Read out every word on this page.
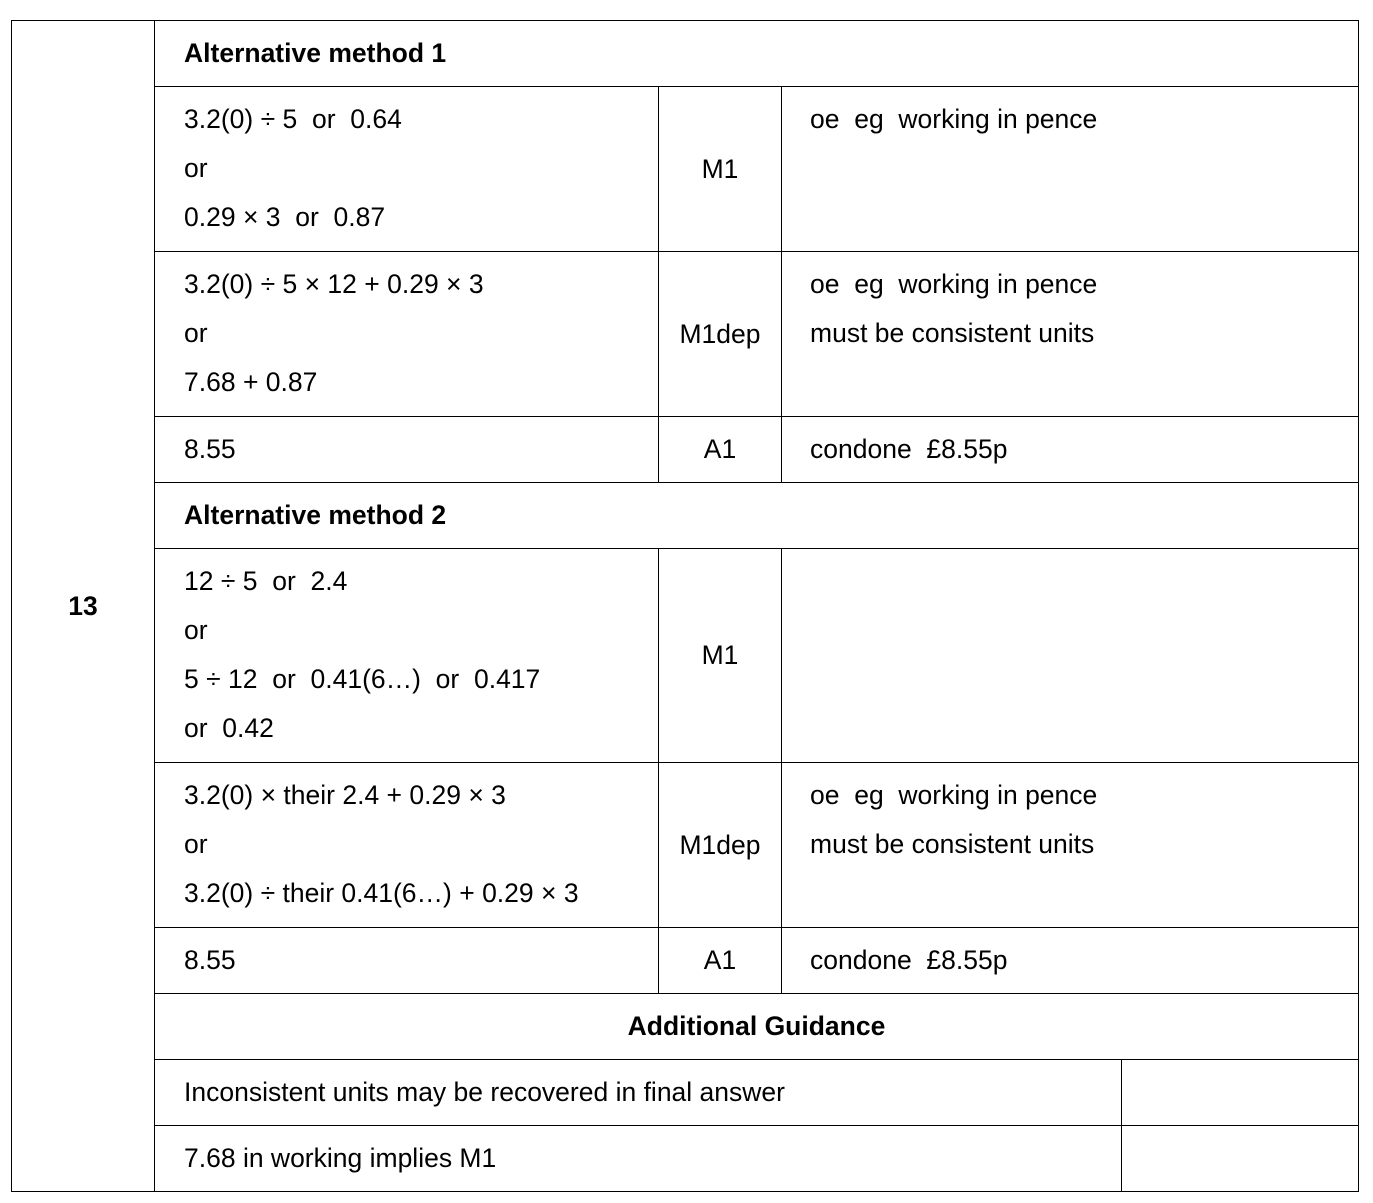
13	Alternative method 1			

	3.2(0) ÷ 5  or  0.64
or
0.29 × 3  or  0.87	M1	oe  eg  working in pence	

	3.2(0) ÷ 5 × 12 + 0.29 × 3
or
7.68 + 0.87	M1dep	oe  eg  working in pence
must be consistent units	

	8.55	A1	condone  £8.55p	

	Alternative method 2			

	12 ÷ 5  or  2.4
or
5 ÷ 12  or  0.41(6…)  or  0.417
or  0.42	M1		

	3.2(0) × their 2.4 + 0.29 × 3
or
3.2(0) ÷ their 0.41(6…) + 0.29 × 3	M1dep	oe  eg  working in pence
must be consistent units	

	8.55	A1	condone  £8.55p	

	Additional Guidance			
	Inconsistent units may be recovered in final answer			
	7.68 in working implies M1			
